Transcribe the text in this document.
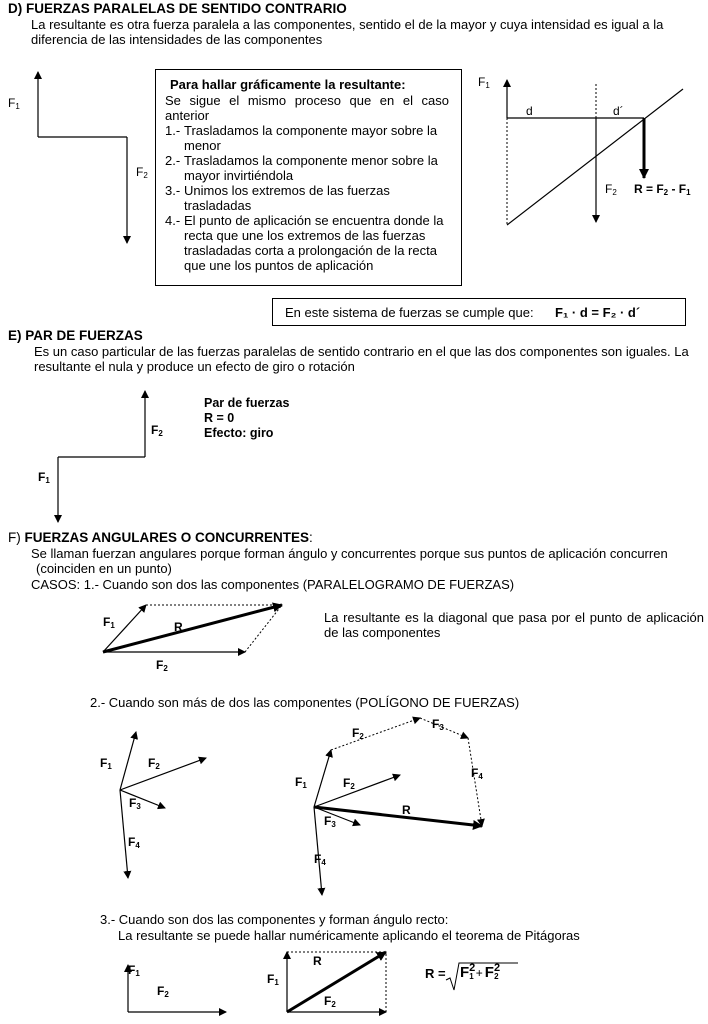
D) FUERZAS PARALELAS DE SENTIDO CONTRARIO
La resultante es otra fuerza paralela a las componentes, sentido el de la mayor y cuya intensidad es igual a la diferencia de las intensidades de las componentes
$F_1$
$F_2$
Para hallar gráficamente la resultante:
Se sigue el mismo proceso que en el caso anterior
1.- Trasladamos la componente mayor sobre la menor
2.- Trasladamos la componente menor sobre la mayor invirtiéndola
3.- Unimos los extremos de las fuerzas trasladadas
4.- El punto de aplicación se encuentra donde la recta que une los extremos de las fuerzas trasladadas corta a prolongación de la recta que une los puntos de aplicación
$F_1$
d	d´
$F_2$ $R = F_2 - F_1$
En este sistema de fuerzas se cumple que: F₁ · d = F₂ · d´
E) PAR DE FUERZAS
Es un caso particular de las fuerzas paralelas de sentido contrario en el que las dos componentes son iguales. La resultante el nula y produce un efecto de giro o rotación
$F_2$
$F_1$
Par de fuerzas
R = 0
Efecto: giro
F) FUERZAS ANGULARES O CONCURRENTES:
Se llaman fuerzan angulares porque forman ángulo y concurrentes porque sus puntos de aplicación concurren
(coinciden en un punto)
CASOS: 1.- Cuando son dos las componentes (PARALELOGRAMO DE FUERZAS)
$F_1$	R
$F_2$
La resultante es la diagonal que pasa por el punto de aplicación de las componentes
2.- Cuando son más de dos las componentes (POLÍGONO DE FUERZAS)
$F_1$	$F_2$
$F_3$
$F_4$
$F_1$	$F_2$
$F_2$
$F_3$
$F_4$
$F_3$
R
$F_4$
3.- Cuando son dos las componentes y forman ángulo recto:
La resultante se puede hallar numéricamente aplicando el teorema de Pitágoras
$F_1$
$F_2$
$F_1$
R
$F_2$
$R = F^2_1 + F^2_2$
